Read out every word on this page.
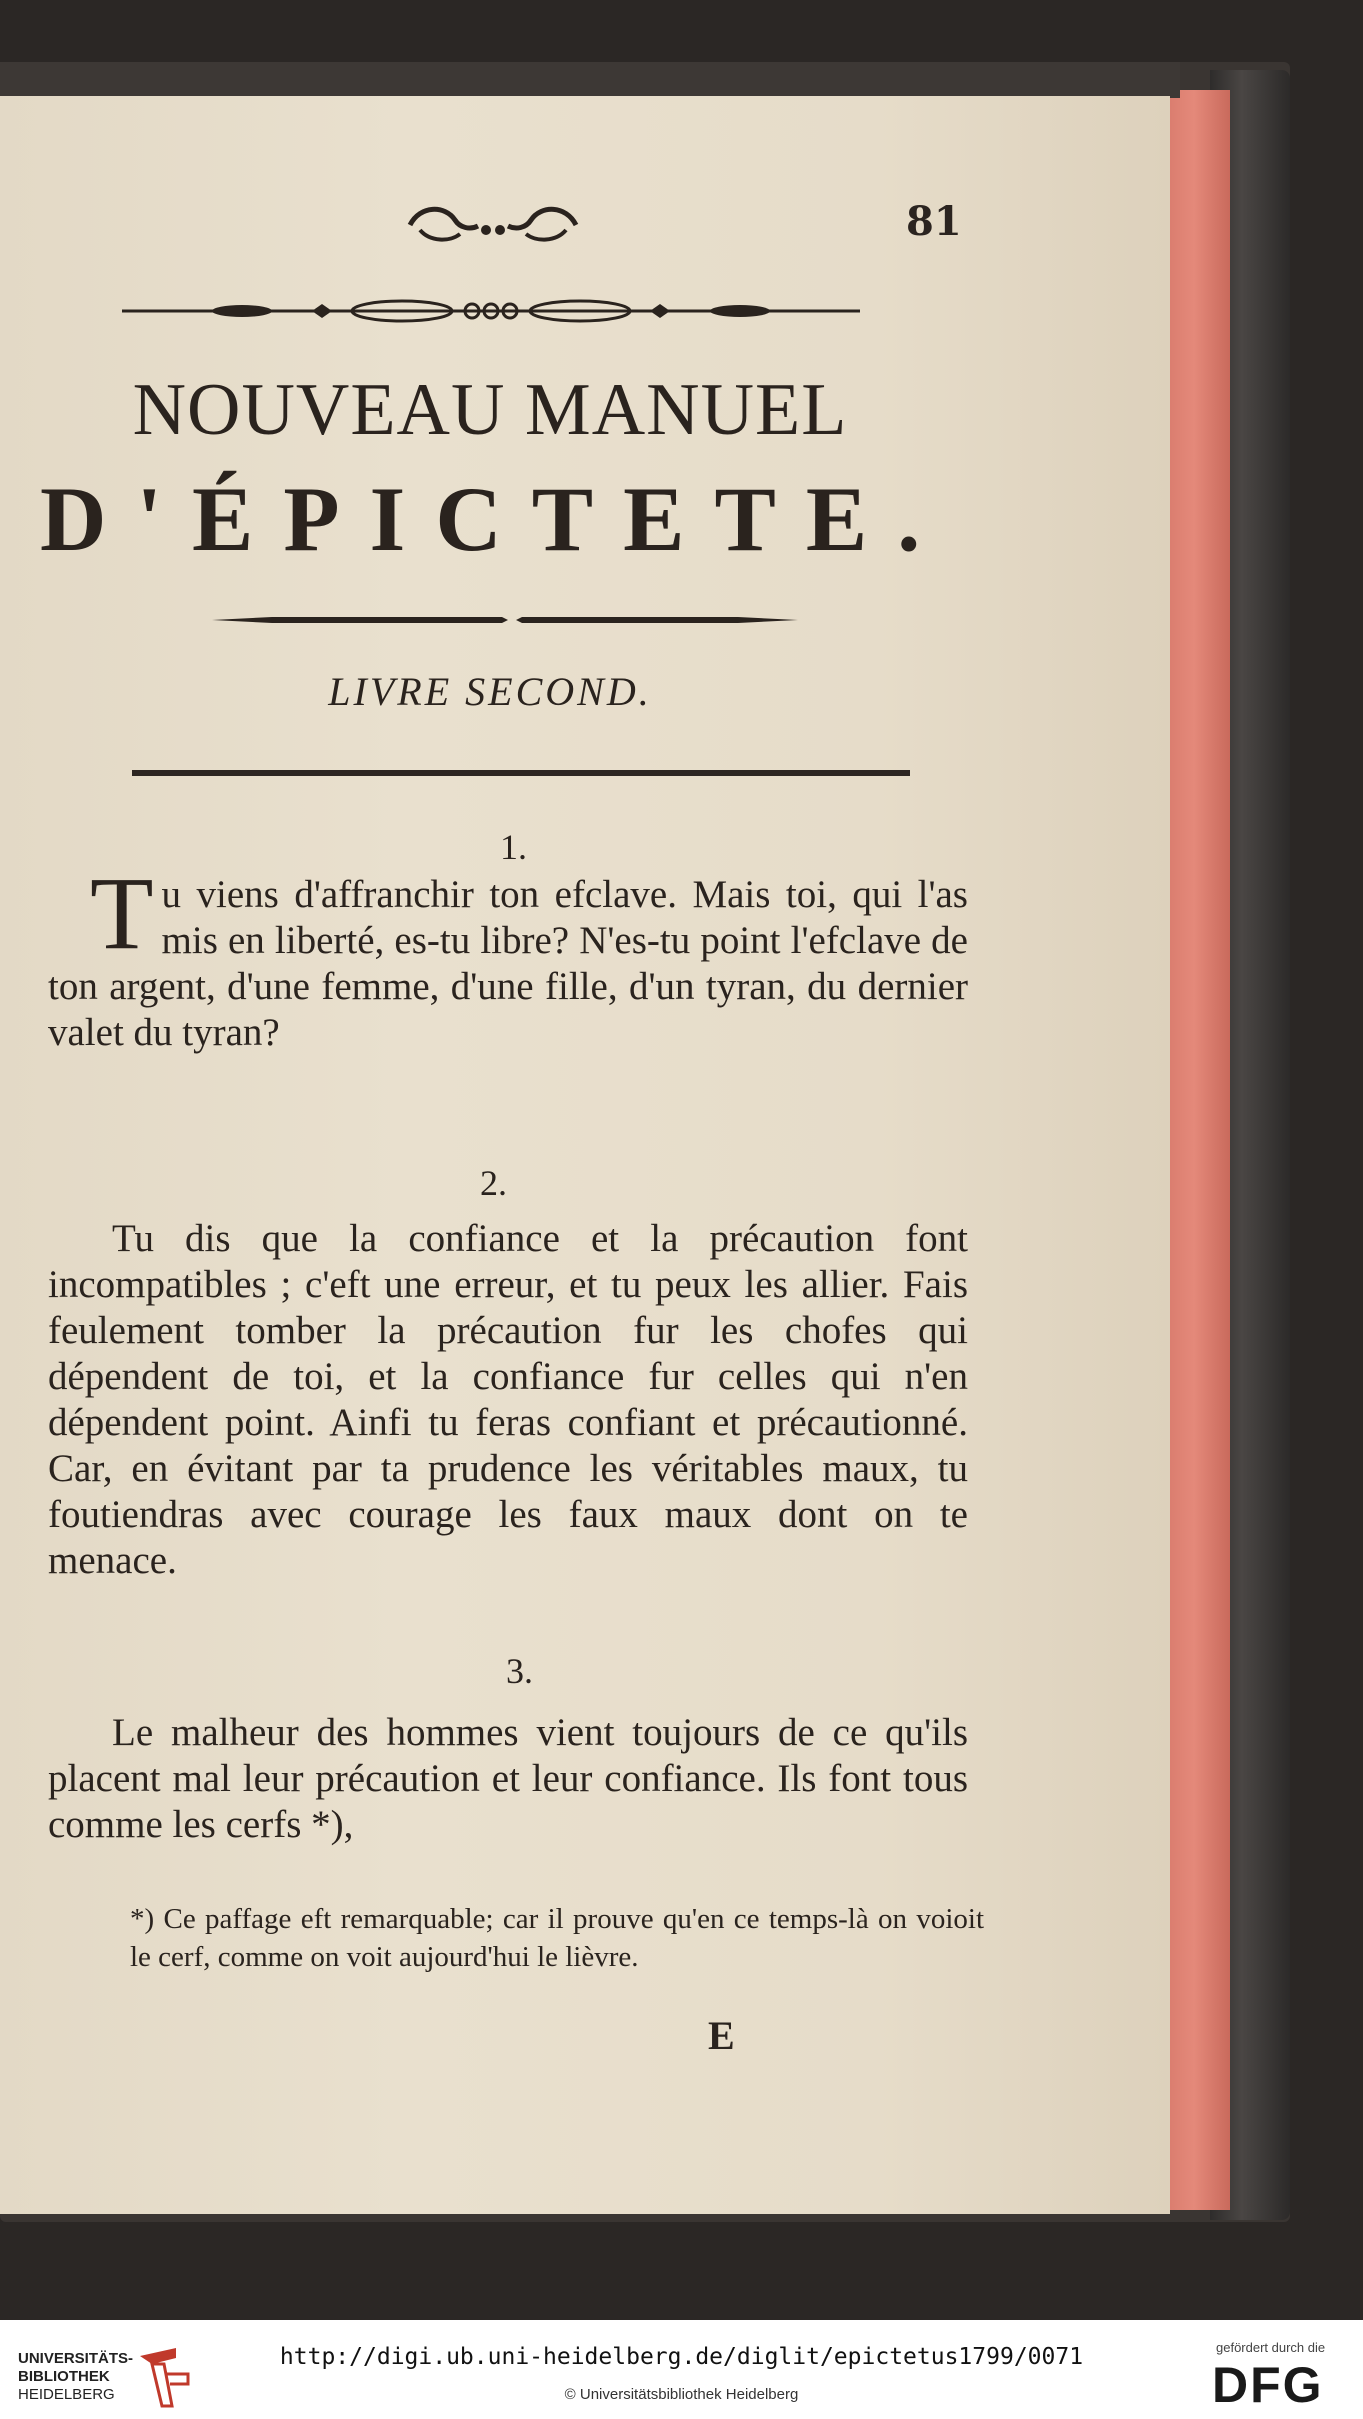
81
NOUVEAU MANUEL
D'ÉPICTETE.
LIVRE SECOND.
1.
Tu viens d'affranchir ton efclave. Mais toi, qui l'as mis en liberté, es-tu libre? N'es-tu point l'efclave de ton argent, d'une femme, d'une fille, d'un tyran, du dernier valet du tyran?
2.
Tu dis que la confiance et la précaution font incompatibles ; c'eft une erreur, et tu peux les allier. Fais feulement tomber la précaution fur les chofes qui dépendent de toi, et la confiance fur celles qui n'en dépendent point. Ainfi tu feras confiant et précautionné. Car, en évitant par ta prudence les véritables maux, tu foutiendras avec courage les faux maux dont on te menace.
3.
Le malheur des hommes vient toujours de ce qu'ils placent mal leur précaution et leur confiance. Ils font tous comme les cerfs *),
*) Ce paffage eft remarquable; car il prouve qu'en ce temps-là on voioit le cerf, comme on voit aujourd'hui le lièvre.
E
UNIVERSITÄTS-
BIBLIOTHEK
HEIDELBERG
http://digi.ub.uni-heidelberg.de/diglit/epictetus1799/0071
© Universitätsbibliothek Heidelberg
gefördert durch die
DFG
